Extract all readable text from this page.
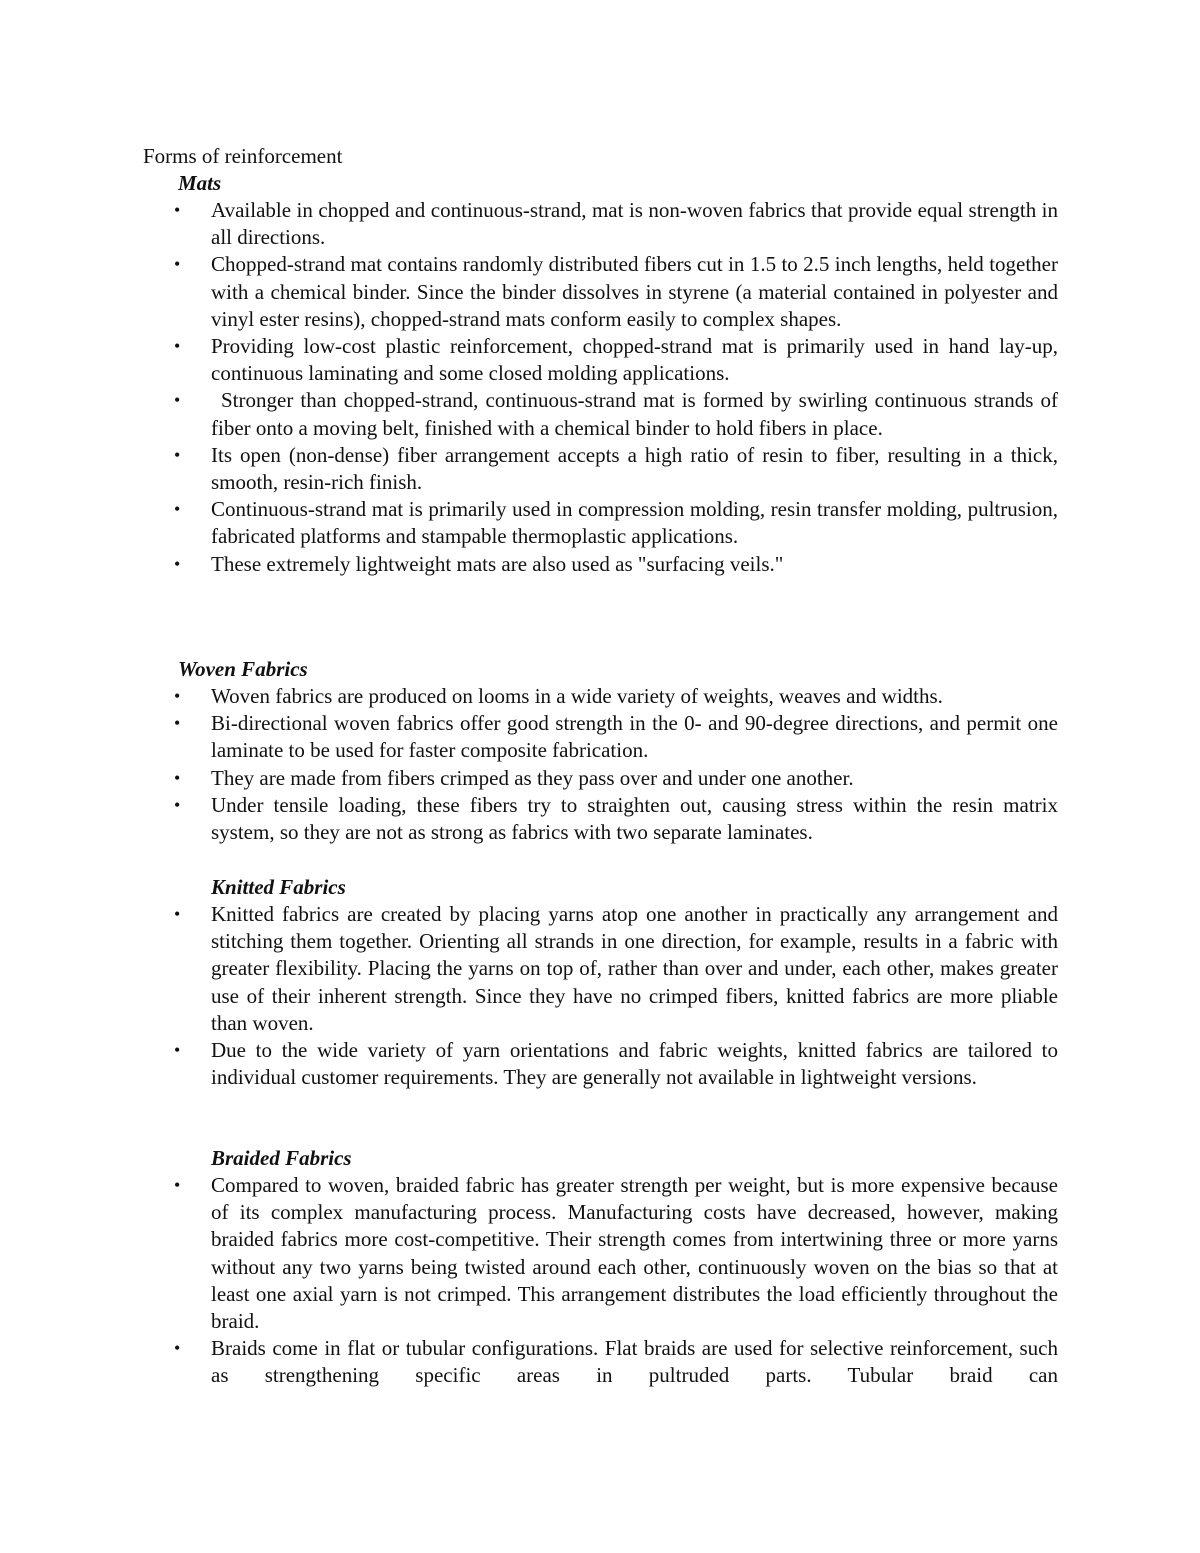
Forms of reinforcement
Mats
• Available in chopped and continuous-strand, mat is non-woven fabrics that provide equal strength in all directions.
• Chopped-strand mat contains randomly distributed fibers cut in 1.5 to 2.5 inch lengths, held together with a chemical binder. Since the binder dissolves in styrene (a material contained in polyester and vinyl ester resins), chopped-strand mats conform easily to complex shapes.
• Providing low-cost plastic reinforcement, chopped-strand mat is primarily used in hand lay-up, continuous laminating and some closed molding applications.
•	Stronger than chopped-strand, continuous-strand mat is formed by swirling continuous strands of fiber onto a moving belt, finished with a chemical binder to hold fibers in place.
• Its open (non-dense) fiber arrangement accepts a high ratio of resin to fiber, resulting in a thick, smooth, resin-rich finish.
• Continuous-strand mat is primarily used in compression molding, resin transfer molding, pultrusion, fabricated platforms and stampable thermoplastic applications.
• These extremely lightweight mats are also used as "surfacing veils."
Woven Fabrics
• Woven fabrics are produced on looms in a wide variety of weights, weaves and widths.
• Bi-directional woven fabrics offer good strength in the 0- and 90-degree directions, and permit one laminate to be used for faster composite fabrication.
• They are made from fibers crimped as they pass over and under one another.
• Under tensile loading, these fibers try to straighten out, causing stress within the resin matrix system, so they are not as strong as fabrics with two separate laminates.
Knitted Fabrics
• Knitted fabrics are created by placing yarns atop one another in practically any arrangement and stitching them together. Orienting all strands in one direction, for example, results in a fabric with greater flexibility. Placing the yarns on top of, rather than over and under, each other, makes greater use of their inherent strength. Since they have no crimped fibers, knitted fabrics are more pliable than woven.
• Due to the wide variety of yarn orientations and fabric weights, knitted fabrics are tailored to individual customer requirements. They are generally not available in lightweight versions.
Braided Fabrics
• Compared to woven, braided fabric has greater strength per weight, but is more expensive because of its complex manufacturing process. Manufacturing costs have decreased, however, making braided fabrics more cost-competitive. Their strength comes from intertwining three or more yarns without any two yarns being twisted around each other, continuously woven on the bias so that at least one axial yarn is not crimped. This arrangement distributes the load efficiently throughout the braid.
• Braids come in flat or tubular configurations. Flat braids are used for selective reinforcement, such as strengthening specific areas in pultruded parts. Tubular braid can
